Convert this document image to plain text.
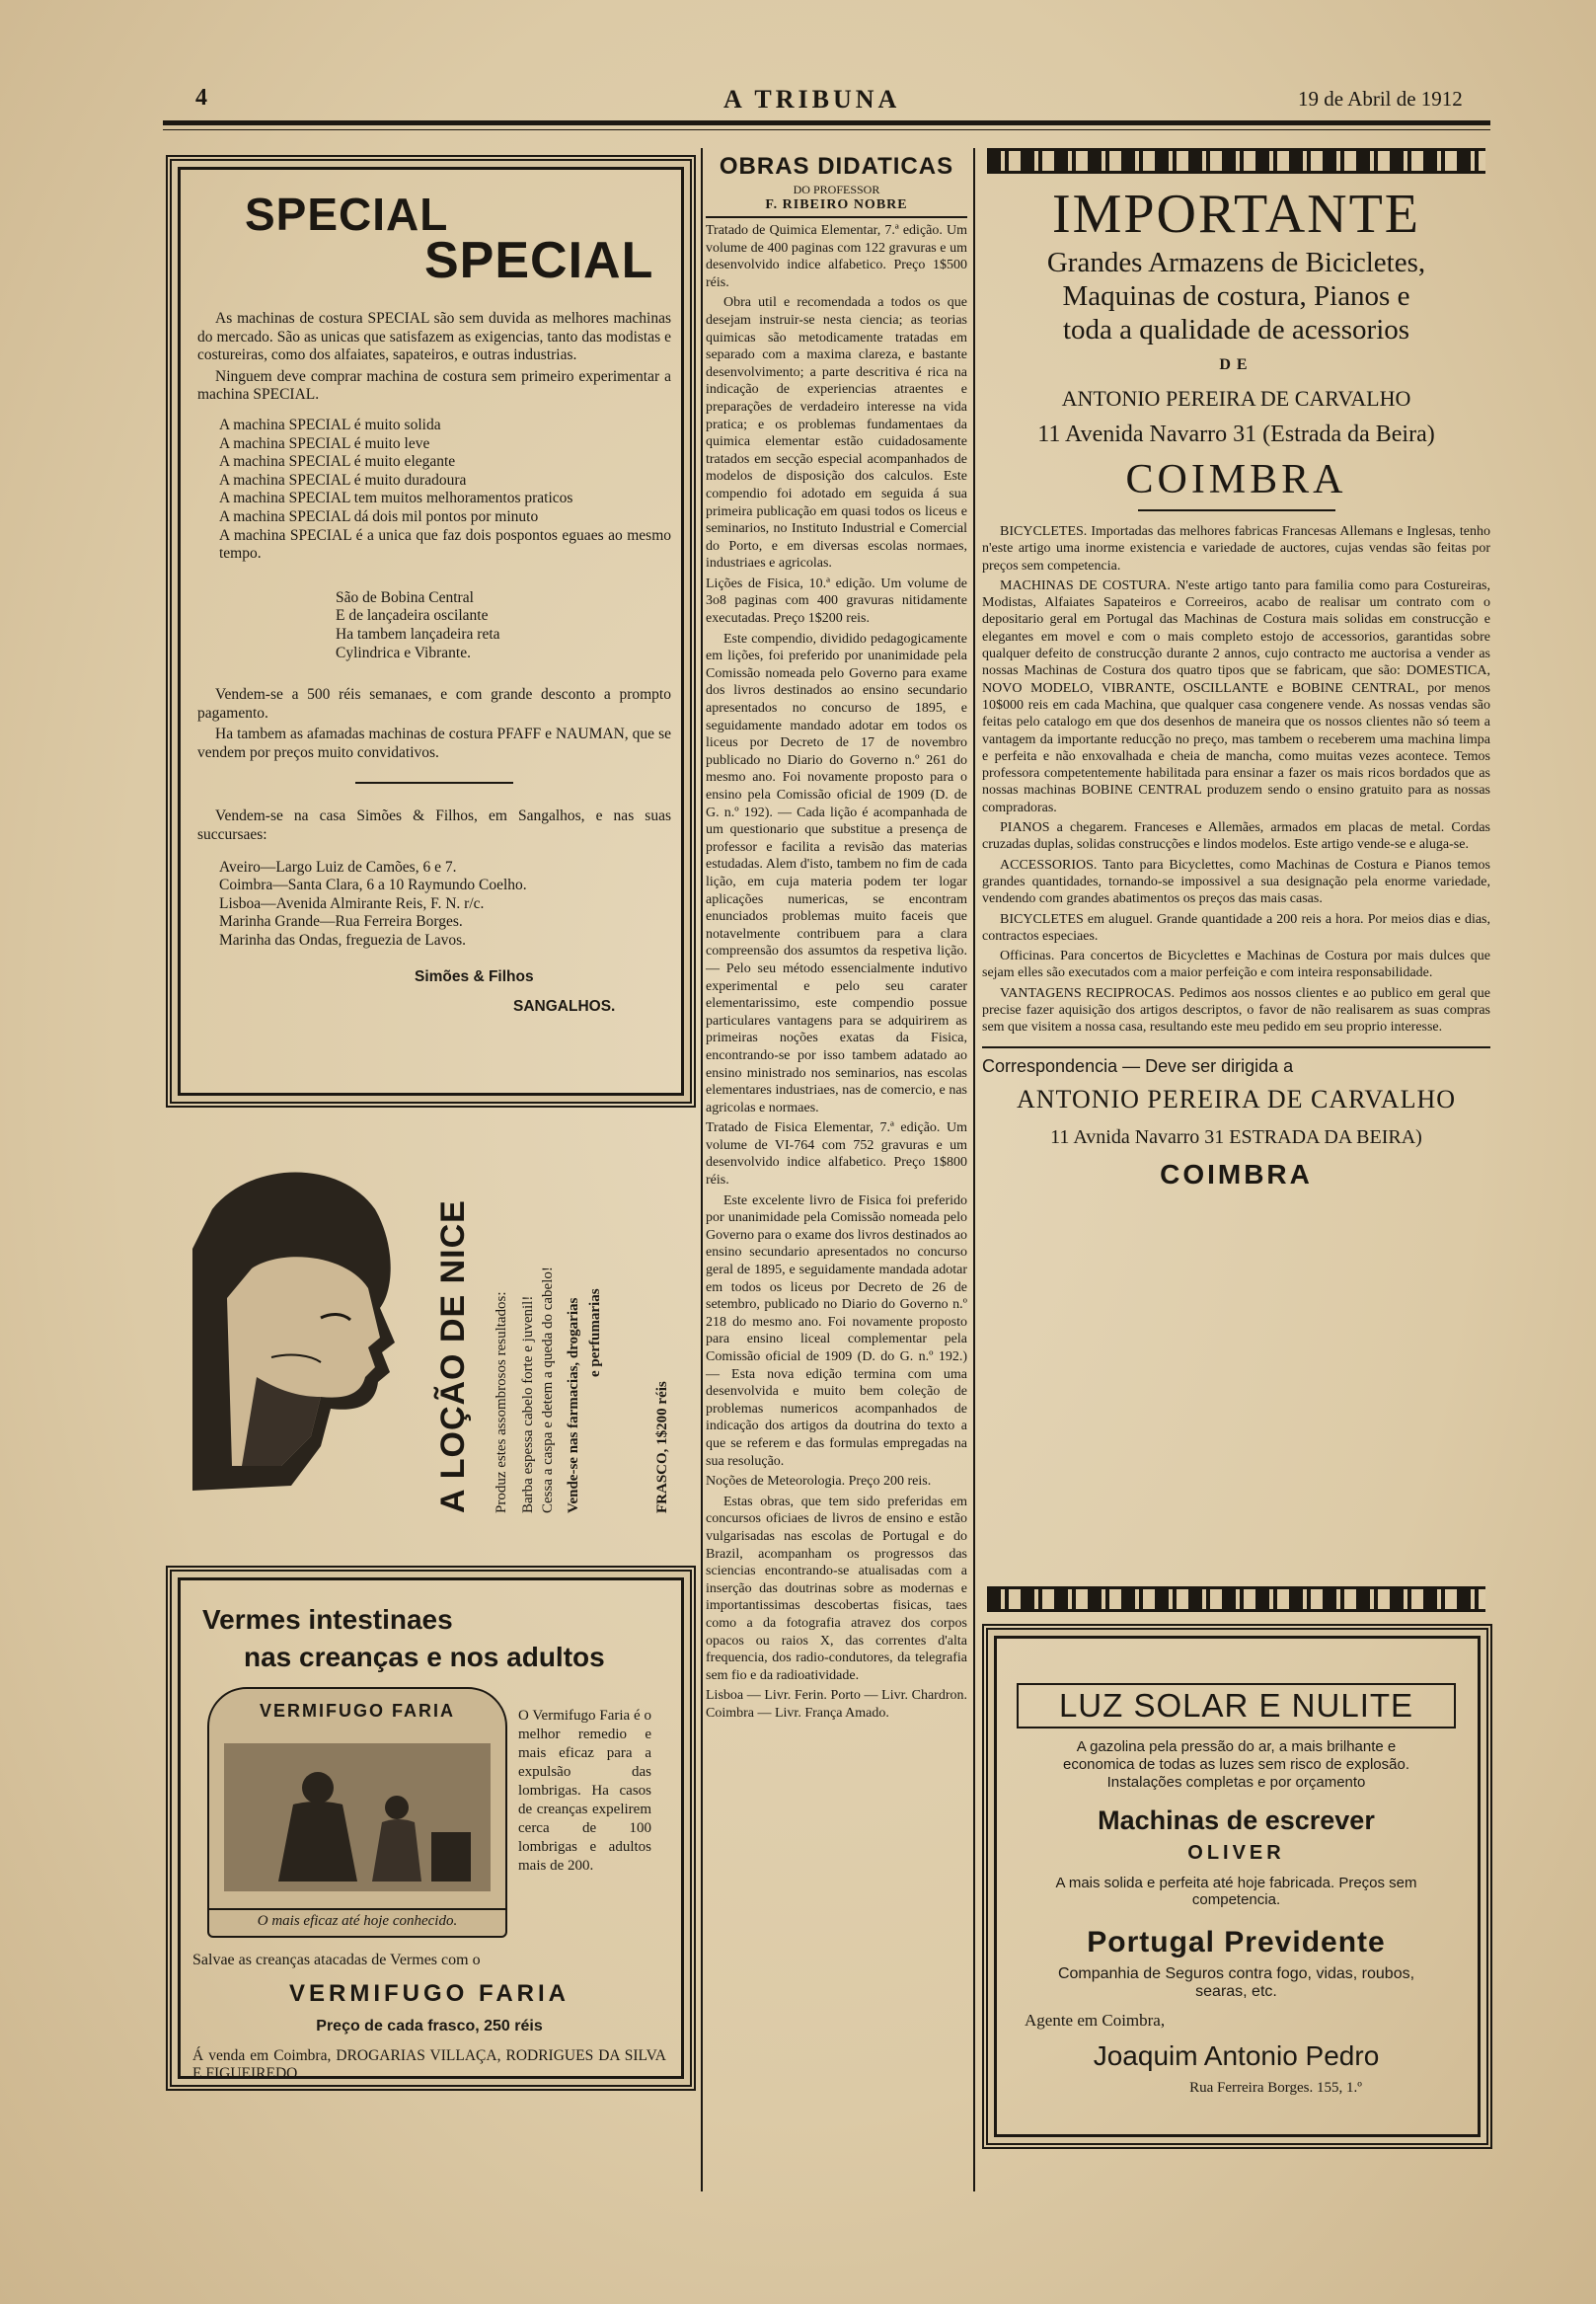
4	A TRIBUNA	19 de Abril de 1912
SPECIAL
SPECIAL

As machinas de costura SPECIAL são sem duvida as melhores machinas do mercado. São as unicas que satisfazem as exigencias, tanto das modistas e costureiras, como dos alfaiates, sapateiros, e outras industrias.

Ninguem deve comprar machina de costura sem primeiro experimentar a machina SPECIAL.

A machina SPECIAL é muito solida
A machina SPECIAL é muito leve
A machina SPECIAL é muito elegante
A machina SPECIAL é muito duradoura
A machina SPECIAL tem muitos melhoramentos praticos
A machina SPECIAL dá dois mil pontos por minuto
A machina SPECIAL é a unica que faz dois pospontos eguaes ao mesmo tempo.
São de Bobina Central
E de lançadeira oscilante
Ha tambem lançadeira reta
Cylindrica e Vibrante.

Vendem-se a 500 réis semanaes, e com grande desconto a prompto pagamento.

Ha tambem as afamadas machinas de costura PFAFF e NAUMAN, que se vendem por preços muito convidativos.

Vendem-se na casa Simões & Filhos, em Sangalhos, e nas suas succursaes:

Aveiro—Largo Luiz de Camões, 6 e 7.
Coimbra—Santa Clara, 6 a 10 Raymundo Coelho.
Lisboa—Avenida Almirante Reis, F. N. r/c.
Marinha Grande—Rua Ferreira Borges.
Marinha das Ondas, freguezia de Lavos.
Simões & Filhos
SANGALHOS.
A LOÇÃO DE NICE Produz estes assombrosos resultados: Barba espessa cabelo forte e juvenil! Cessa a caspa e detem a queda do cabelo! Vende-se nas farmacias, drogarias e perfumarias
FRASCO, 1$200 réis
Vermes intestinaes
nas creanças e nos adultos
VERMIFUGO FARIA
O mais eficaz até hoje conhecido.
O Vermifugo Faria é o melhor remedio e mais eficaz para a expulsão das lombrigas. Ha casos de creanças expelirem cerca de 100 lombrigas e adultos mais de 200.
Salvae as creanças atacadas de Vermes com o
VERMIFUGO FARIA
Preço de cada frasco, 250 réis
Á venda em Coimbra, DROGARIAS VILLAÇA, RODRIGUES DA SILVA E FIGUEIREDO.
OBRAS DIDATICAS
DO PROFESSOR
F. RIBEIRO NOBRE

Tratado de Quimica Elementar, 7.ª edição. Um volume de 400 paginas com 122 gravuras e um desenvolvido indice alfabetico. Preço 1$500 réis.

Obra util e recomendada a todos os que desejam instruir-se nesta ciencia; as teorias quimicas são metodicamente tratadas em separado com a maxima clareza, e bastante desenvolvimento; a parte descritiva é rica na indicação de experiencias atraentes e preparações de verdadeiro interesse na vida pratica; e os problemas fundamentaes da quimica elementar estão cuidadosamente tratados em secção especial acompanhados de modelos de disposição dos calculos. Este compendio foi adotado em seguida á sua primeira publicação em quasi todos os liceus e seminarios, no Instituto Industrial e Comercial do Porto, e em diversas escolas normaes, industriaes e agricolas.

Lições de Fisica, 10.ª edição. Um volume de 3o8 paginas com 400 gravuras nitidamente executadas. Preço 1$200 reis.

Este compendio, dividido pedagogicamente em lições, foi preferido por unanimidade pela Comissão nomeada pelo Governo para exame dos livros destinados ao ensino secundario apresentados no concurso de 1895, e seguidamente mandado adotar em todos os liceus por Decreto de 17 de novembro publicado no Diario do Governo n.º 261 do mesmo ano. Foi novamente proposto para o ensino pela Comissão oficial de 1909 (D. de G. n.º 192). — Cada lição é acompanhada de um questionario que substitue a presença de professor e facilita a revisão das materias estudadas. Alem d'isto, tambem no fim de cada lição, em cuja materia podem ter logar aplicações numericas, se encontram enunciados problemas muito faceis que notavelmente contribuem para a clara compreensão dos assumtos da respetiva lição. — Pelo seu método essencialmente indutivo experimental e pelo seu carater elementarissimo, este compendio possue particulares vantagens para se adquirirem as primeiras noções exatas da Fisica, encontrando-se por isso tambem adatado ao ensino ministrado nos seminarios, nas escolas elementares industriaes, nas de comercio, e nas agricolas e normaes.

Tratado de Fisica Elementar, 7.ª edição. Um volume de VI-764 com 752 gravuras e um desenvolvido indice alfabetico. Preço 1$800 réis.

Este excelente livro de Fisica foi preferido por unanimidade pela Comissão nomeada pelo Governo para o exame dos livros destinados ao ensino secundario apresentados no concurso geral de 1895, e seguidamente mandada adotar em todos os liceus por Decreto de 26 de setembro, publicado no Diario do Governo n.º 218 do mesmo ano. Foi novamente proposto para ensino liceal complementar pela Comissão oficial de 1909 (D. do G. n.º 192.) — Esta nova edição termina com uma desenvolvida e muito bem coleção de problemas numericos acompanhados de indicação dos artigos da doutrina do texto a que se referem e das formulas empregadas na sua resolução.

Noções de Meteorologia. Preço 200 reis.

Estas obras, que tem sido preferidas em concursos oficiaes de livros de ensino e estão vulgarisadas nas escolas de Portugal e do Brazil, acompanham os progressos das sciencias encontrando-se atualisadas com a inserção das doutrinas sobre as modernas e importantissimas descobertas fisicas, taes como a da fotografia atravez dos corpos opacos ou raios X, das correntes d'alta frequencia, dos radio-condutores, da telegrafia sem fio e da radioatividade.

Lisboa — Livr. Ferin. Porto — Livr. Chardron. Coimbra — Livr. França Amado.

IMPORTANTE
Grandes Armazens de Bicicletes,
Maquinas de costura, Pianos e
toda a qualidade de acessorios
DE
ANTONIO PEREIRA DE CARVALHO
11 Avenida Navarro 31 (Estrada da Beira)
COIMBRA

BICYCLETES. Importadas das melhores fabricas Francesas Allemans e Inglesas, tenho n'este artigo uma inorme existencia e variedade de auctores, cujas vendas são feitas por preços sem competencia.

MACHINAS DE COSTURA. N'este artigo tanto para familia como para Costureiras, Modistas, Alfaiates Sapateiros e Correeiros, acabo de realisar um contrato com o depositario geral em Portugal das Machinas de Costura mais solidas em construcção e elegantes em movel e com o mais completo estojo de accessorios, garantidas sobre qualquer defeito de construcção durante 2 annos, cujo contracto me auctorisa a vender as nossas Machinas de Costura dos quatro tipos que se fabricam, que são: DOMESTICA, NOVO MODELO, VIBRANTE, OSCILLANTE e BOBINE CENTRAL, por menos 10$000 reis em cada Machina, que qualquer casa congenere vende. As nossas vendas são feitas pelo catalogo em que dos desenhos de maneira que os nossos clientes não só teem a vantagem da importante reducção no preço, mas tambem o receberem uma machina limpa e perfeita e não enxovalhada e cheia de mancha, como muitas vezes acontece. Temos professora competentemente habilitada para ensinar a fazer os mais ricos bordados que as nossas machinas BOBINE CENTRAL produzem sendo o ensino gratuito para as nossas compradoras.

PIANOS a chegarem. Franceses e Allemães, armados em placas de metal. Cordas cruzadas duplas, solidas construcções e lindos modelos. Este artigo vende-se e aluga-se.

ACCESSORIOS. Tanto para Bicyclettes, como Machinas de Costura e Pianos temos grandes quantidades, tornando-se impossivel a sua designação pela enorme variedade, vendendo com grandes abatimentos os preços das mais casas.

BICYCLETES em aluguel. Grande quantidade a 200 reis a hora. Por meios dias e dias, contractos especiaes.

Officinas. Para concertos de Bicyclettes e Machinas de Costura por mais dulces que sejam elles são executados com a maior perfeição e com inteira responsabilidade.

VANTAGENS RECIPROCAS. Pedimos aos nossos clientes e ao publico em geral que precise fazer aquisição dos artigos descriptos, o favor de não realisarem as suas compras sem que visitem a nossa casa, resultando este meu pedido em seu proprio interesse.

Correspondencia — Deve ser dirigida a
ANTONIO PEREIRA DE CARVALHO
11 Avnida Navarro 31 ESTRADA DA BEIRA)
COIMBRA
LUZ SOLAR E NULITE
A gazolina pela pressão do ar, a mais brilhante e economica de todas as luzes sem risco de explosão. Instalações completas e por orçamento
Machinas de escrever
OLIVER
A mais solida e perfeita até hoje fabricada. Preços sem competencia.
Portugal Previdente
Companhia de Seguros contra fogo, vidas, roubos, searas, etc.
Agente em Coimbra,
Joaquim Antonio Pedro
Rua Ferreira Borges. 155, 1.º
